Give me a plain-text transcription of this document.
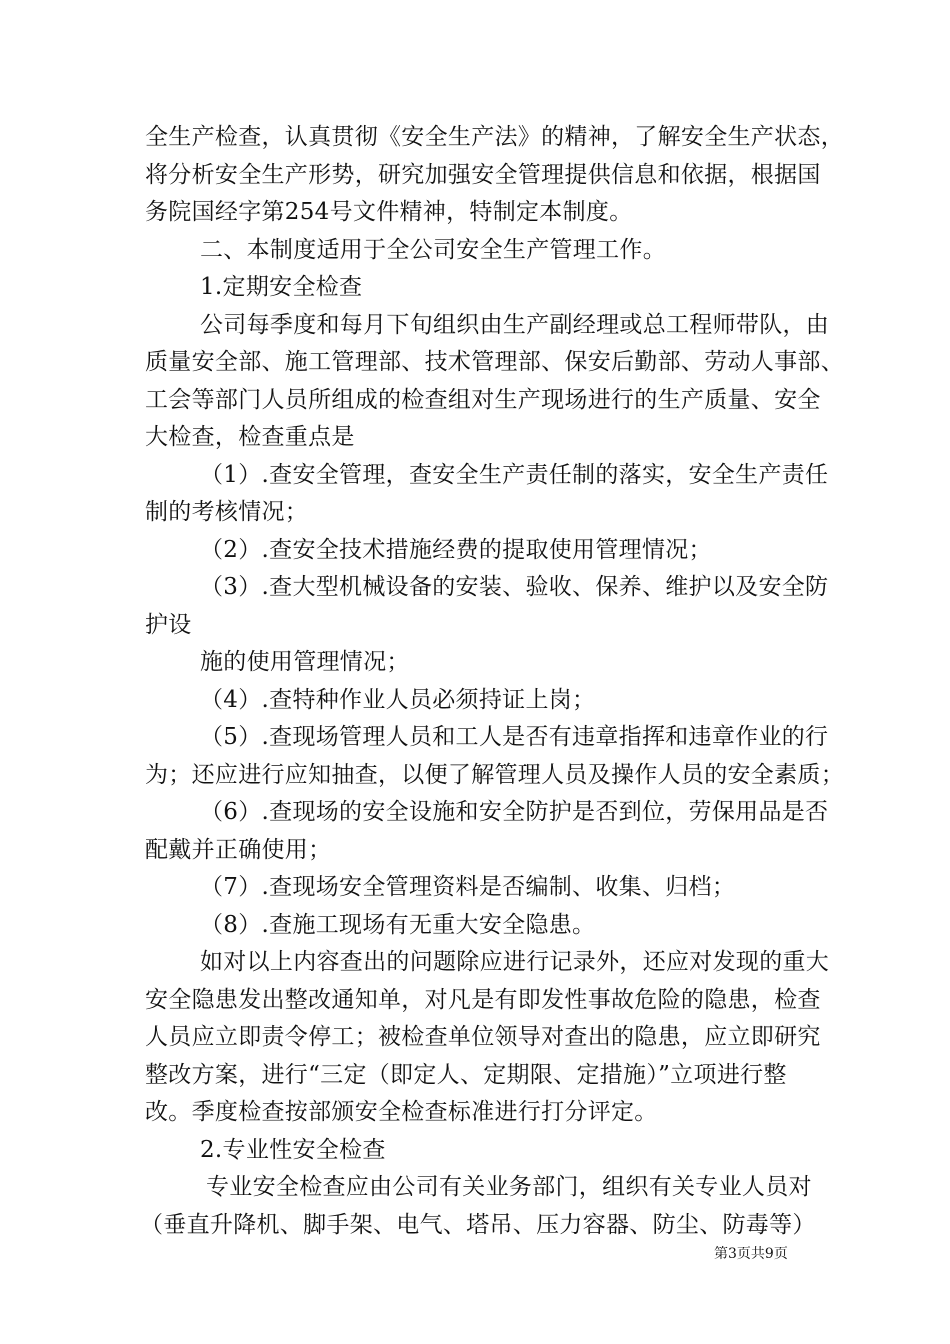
全生产检查，认真贯彻《安全生产法》的精神，了解安全生产状态，
将分析安全生产形势，研究加强安全管理提供信息和依据，根据国
务院国经字第254号文件精神，特制定本制度。
二、本制度适用于全公司安全生产管理工作。
1.定期安全检查
公司每季度和每月下旬组织由生产副经理或总工程师带队，由
质量安全部、施工管理部、技术管理部、保安后勤部、劳动人事部、
工会等部门人员所组成的检查组对生产现场进行的生产质量、安全
大检查，检查重点是
（1）.查安全管理，查安全生产责任制的落实，安全生产责任
制的考核情况；
（2）.查安全技术措施经费的提取使用管理情况；
（3）.查大型机械设备的安装、验收、保养、维护以及安全防
护设
施的使用管理情况；
（4）.查特种作业人员必须持证上岗；
（5）.查现场管理人员和工人是否有违章指挥和违章作业的行
为；还应进行应知抽查，以便了解管理人员及操作人员的安全素质；
（6）.查现场的安全设施和安全防护是否到位，劳保用品是否
配戴并正确使用；
（7）.查现场安全管理资料是否编制、收集、归档；
（8）.查施工现场有无重大安全隐患。
如对以上内容查出的问题除应进行记录外，还应对发现的重大
安全隐患发出整改通知单，对凡是有即发性事故危险的隐患，检查
人员应立即责令停工；被检查单位领导对查出的隐患，应立即研究
整改方案，进行“三定（即定人、定期限、定措施）”立项进行整
改。季度检查按部颁安全检查标准进行打分评定。
2.专业性安全检查
专业安全检查应由公司有关业务部门，组织有关专业人员对
（垂直升降机、脚手架、电气、塔吊、压力容器、防尘、防毒等）
第3页共9页
